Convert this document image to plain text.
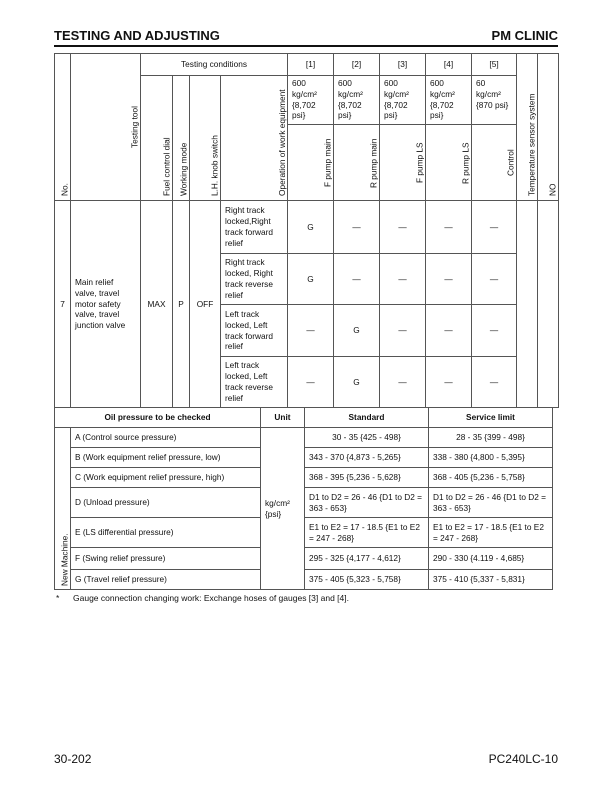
TESTING AND ADJUSTING	PM CLINIC
No.	Testing tool	Testing conditions				[1]	[2]	[3]	[4]	[5]	Temperature sensor system	NO
		Fuel control dial	Working mode	L.H. knob switch	Operation of work equipment	600 kg/cm² {8,702 psi}	600 kg/cm² {8,702 psi}	600 kg/cm² {8,702 psi}	600 kg/cm² {8,702 psi}	60 kg/cm² {870 psi}		
						F pump main	R pump main	F pump LS	R pump LS	Control		
7	Main relief valve, travel motor safety valve, travel junction valve	MAX	P	OFF	Right track locked,Right track forward relief	G	—	—	—	—		
					Right track locked, Right track reverse relief	G	—	—	—	—		
					Left track locked, Left track forward relief	—	G	—	—	—		
					Left track locked, Left track reverse relief	—	G	—	—	—		
Oil pressure to be checked		Unit	Standard	Service limit
New Machine.	A (Control source pressure)	kg/cm² {psi}	30 - 35 {425 - 498}	28 - 35 {399 - 498}
	B (Work equipment relief pressure, low)		343 - 370 {4,873 - 5,265}	338 - 380 {4,800 - 5,395}
	C (Work equipment relief pressure, high)		368 - 395 {5,236 - 5,628}	368 - 405 {5,236 - 5,758}
	D (Unload pressure)		D1 to D2 = 26 - 46 {D1 to D2 = 363 - 653}	D1 to D2 = 26 - 46 {D1 to D2 = 363 - 653}
	E (LS differential pressure)		E1 to E2 = 17 - 18.5 {E1 to E2 = 247 - 268}	E1 to E2 = 17 - 18.5 {E1 to E2 = 247 - 268}
	F (Swing relief pressure)		295 - 325 {4,177 - 4,612}	290 - 330 {4.119 - 4,685}
	G (Travel relief pressure)		375 - 405 {5,323 - 5,758}	375 - 410 {5,337 - 5,831}
* Gauge connection changing work: Exchange hoses of gauges [3] and [4].
30-202	PC240LC-10
